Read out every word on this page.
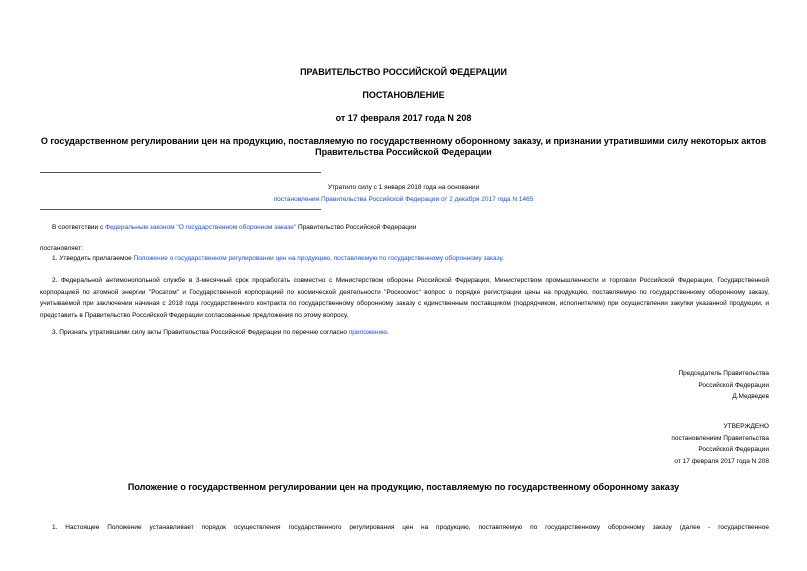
ПРАВИТЕЛЬСТВО РОССИЙСКОЙ ФЕДЕРАЦИИ
ПОСТАНОВЛЕНИЕ
от 17 февраля 2017 года N 208
О государственном регулировании цен на продукцию, поставляемую по государственному оборонному заказу, и признании утратившими силу некоторых актов
Правительства Российской Федерации
Утратило силу с 1 января 2018 года на основании
постановления Правительства Российской Федерации от 2 декабря 2017 года N 1465
В соответствии с Федеральным законом "О государственном оборонном заказе" Правительство Российской Федерации
постановляет:
1. Утвердить прилагаемое Положение о государственном регулировании цен на продукцию, поставляемую по государственному оборонному заказу.
2. Федеральной антимонопольной службе в 3-месячный срок проработать совместно с Министерством обороны Российской Федерации, Министерством промышленности и торговли Российской Федерации, Государственной корпорацией по атомной энергии "Росатом" и Государственной корпорацией по космической деятельности "Роскосмос" вопрос о порядке регистрации цены на продукцию, поставляемую по государственному оборонному заказу, учитываемой при заключении начиная с 2018 года государственного контракта по государственному оборонному заказу с единственным поставщиком (подрядчиком, исполнителем) при осуществлении закупки указанной продукции, и представить в Правительство Российской Федерации согласованные предложения по этому вопросу.
3. Признать утратившими силу акты Правительства Российской Федерации по перечню согласно приложению.
Председатель Правительства
Российской Федерации
Д.Медведев
УТВЕРЖДЕНО
постановлением Правительства
Российской Федерации
от 17 февраля 2017 года N 208
Положение о государственном регулировании цен на продукцию, поставляемую по государственному оборонному заказу
1. Настоящее Положение устанавливает порядок осуществления государственного регулирования цен на продукцию, поставляемую по государственному оборонному заказу (далее - государственное
